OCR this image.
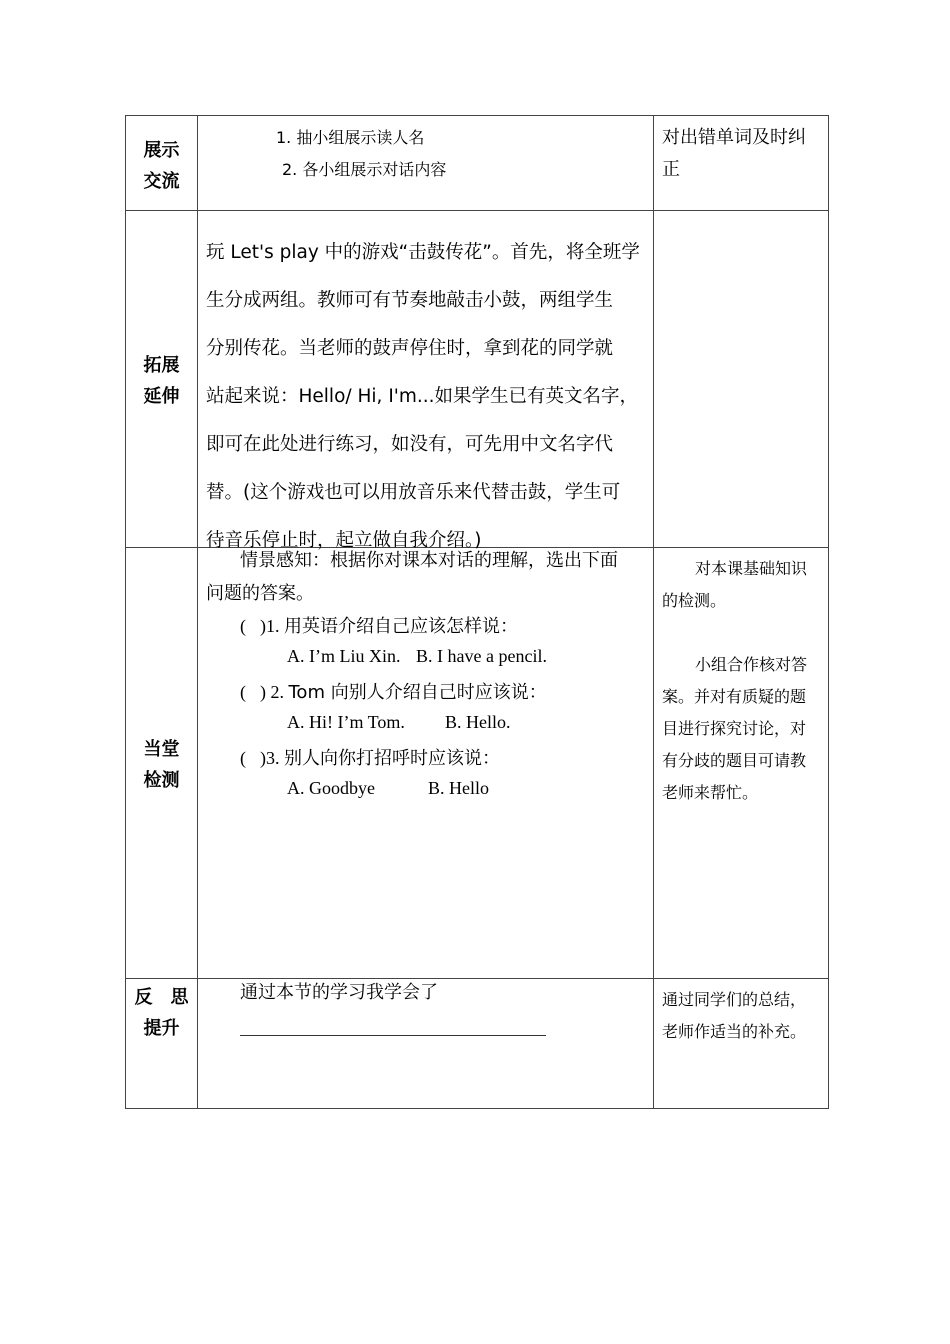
展示
交流
1. 抽小组展示读人名
2. 各小组展示对话内容
对出错单词及时纠
正
拓展
延伸
玩 Let's play 中的游戏“击鼓传花”。首先，将全班学
生分成两组。教师可有节奏地敲击小鼓，两组学生
分别传花。当老师的鼓声停住时，拿到花的同学就
站起来说：Hello/ Hi, I'm...如果学生已有英文名字，
即可在此处进行练习，如没有，可先用中文名字代
替。(这个游戏也可以用放音乐来代替击鼓，学生可
待音乐停止时，起立做自我介绍。)
当堂
检测
情景感知：根据你对课本对话的理解，选出下面
问题的答案。
( )1. 用英语介绍自己应该怎样说：
A. I’m Liu Xin. B. I have a pencil.
( ) 2. Tom 向别人介绍自己时应该说：
A. Hi! I’m Tom. B. Hello.
( )3. 别人向你打招呼时应该说：
A. Goodbye	B. Hello
对本课基础知识
的检测。

小组合作核对答
案。并对有质疑的题
目进行探究讨论，对
有分歧的题目可请教
老师来帮忙。
反　思
提升
通过本节的学习我学会了	通过同学们的总结，
老师作适当的补充。
